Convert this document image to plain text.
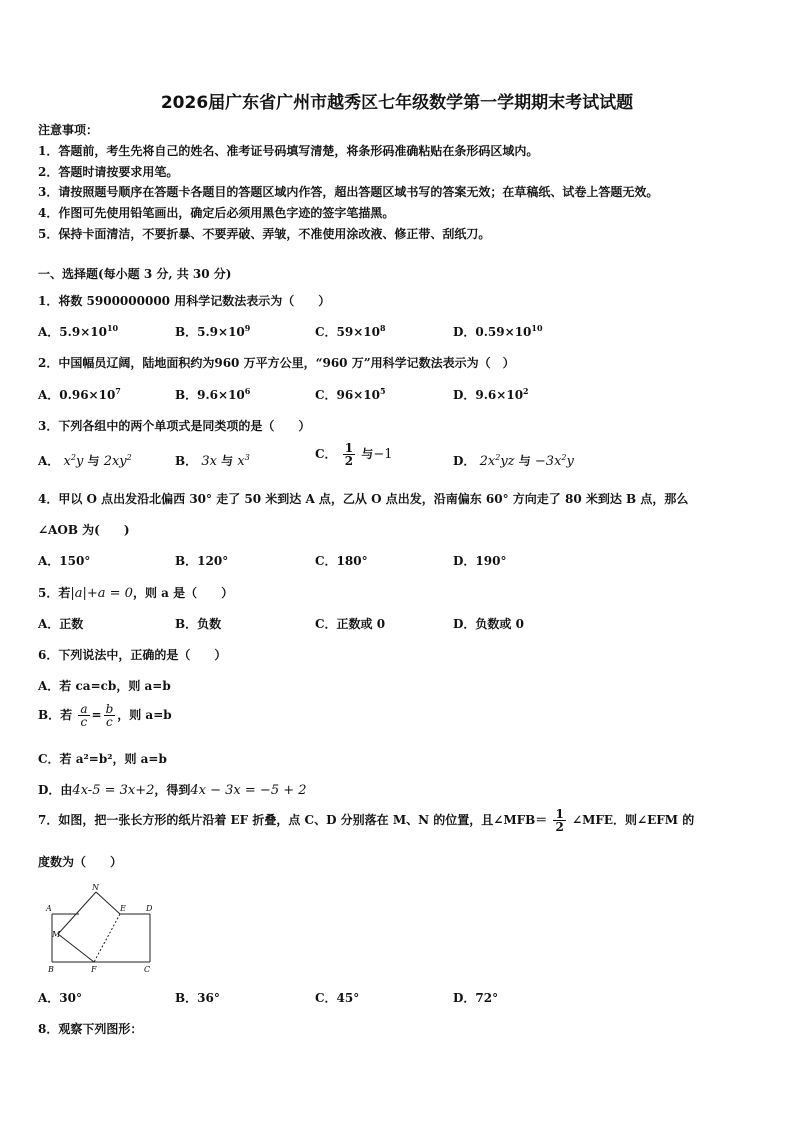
2026届广东省广州市越秀区七年级数学第一学期期末考试试题
注意事项：
1．答题前，考生先将自己的姓名、准考证号码填写清楚，将条形码准确粘贴在条形码区域内。
2．答题时请按要求用笔。
3．请按照题号顺序在答题卡各题目的答题区域内作答，超出答题区域书写的答案无效；在草稿纸、试卷上答题无效。
4．作图可先使用铅笔画出，确定后必须用黑色字迹的签字笔描黑。
5．保持卡面清洁，不要折暴、不要弄破、弄皱，不准使用涂改液、修正带、刮纸刀。
一、选择题(每小题 3 分, 共 30 分)
1．将数 5900000000 用科学记数法表示为（　　）
A．$5.9\times 10^{10}$	B．$5.9\times 10^9$	C．$59\times 10^8$	D．$0.59\times 10^{10}$
2．中国幅员辽阔，陆地面积约为960 万平方公里，“960 万”用科学记数法表示为（　）
A．$0.96\times 10^7$	B．$9.6\times 10^6$	C．$96\times 10^5$	D．$9.6\times 10^2$
3．下列各组中的两个单项式是同类项的是（　　）
A． $x^2y$ 与 $2xy^2$	B． 3x 与 $x^3$	C． $\frac{1}{2}$ 与−1	D． $2x^2yz$ 与 $-3x^2y$
4．甲以 O 点出发沿北偏西 30° 走了 50 米到达 A 点，乙从 O 点出发，沿南偏东 60° 方向走了 80 米到达 B 点，那么
∠AOB 为(　　)
A．150°	B．120°	C．180°	D．190°
5．若|a|+a = 0，则 a 是（　　）
A．正数	B．负数	C．正数或 0	D．负数或 0
6．下列说法中，正确的是（　　）
A．若 ca=cb，则 a=b
B．若 $\frac{a}{c} = \frac{b}{c}$ ，则 a=b
C．若 a²=b²，则 a=b
D．由4x-5 = 3x+2，得到4x − 3x = −5 + 2
7．如图，把一张长方形的纸片沿着 EF 折叠，点 C、D 分别落在 M、N 的位置，且∠MFB＝ $\frac{1}{2}$ ∠MFE．则∠EFM 的
度数为（　　）
A
N
E	D
M
B	F	C
A．30°	B．36°	C．45°	D．72°
8．观察下列图形：
